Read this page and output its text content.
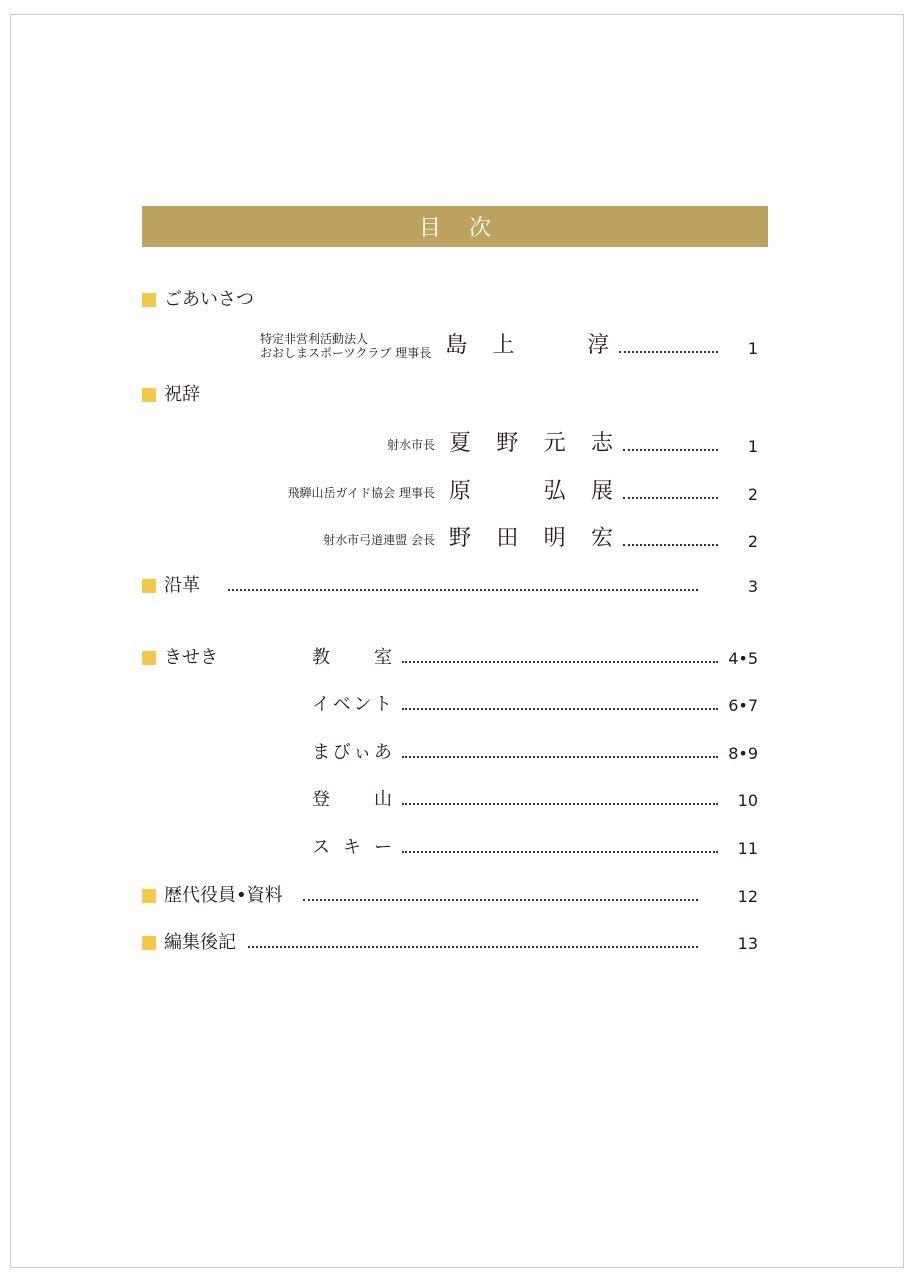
目次
ごあいさつ
特定非営利活動法人
おおしまスポーツクラブ 理事長 島 上	淳	1
祝辞
射水市長 夏 野 元 志	1
飛騨山岳ガイド協会 理事長 原	弘 展	2
射水市弓道連盟 会長 野 田 明 宏	2
沿革	3
きせき	教 室	4•5
イ ベ ン ト	6•7
ま び ぃ あ	8•9
登 山	10
ス キ ー	11
歴代役員•資料	12
編集後記	13
